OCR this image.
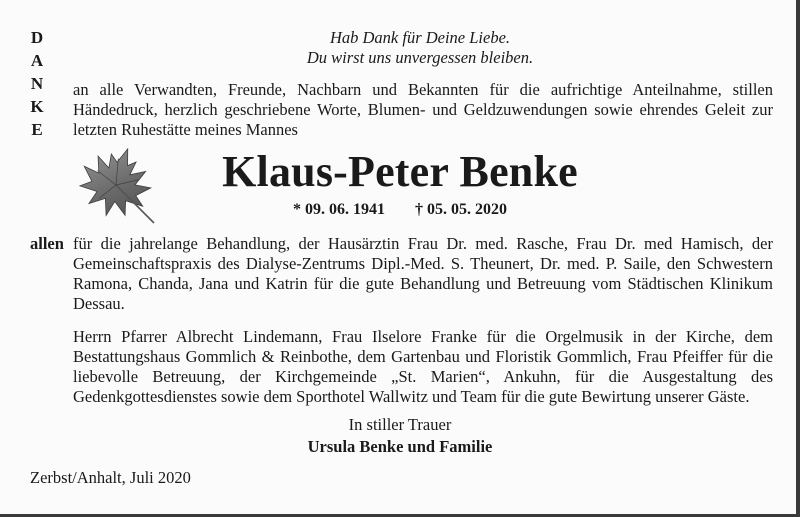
Hab Dank für Deine Liebe.
Du wirst uns unvergessen bleiben.
D
A
N
K
E

an alle Verwandten, Freunde, Nachbarn und Bekannten für die aufrichtige Anteilnahme, stillen Händedruck, herzlich geschriebene Worte, Blumen- und Geldzuwendungen sowie ehrendes Geleit zur letzten Ruhestätte meines Mannes

Klaus-Peter Benke
* 09. 06. 1941 † 05. 05. 2020
allen für die jahrelange Behandlung, der Hausärztin Frau Dr. med. Rasche, Frau Dr. med Hamisch, der Gemeinschaftspraxis des Dialyse-Zentrums Dipl.-Med. S. Theunert, Dr. med. P. Saile, den Schwestern Ramona, Chanda, Jana und Katrin für die gute Behandlung und Betreuung vom Städtischen Klinikum Dessau.

Herrn Pfarrer Albrecht Lindemann, Frau Ilselore Franke für die Orgelmusik in der Kirche, dem Bestattungshaus Gommlich & Reinbothe, dem Gartenbau und Floristik Gommlich, Frau Pfeiffer für die liebevolle Betreuung, der Kirchgemeinde „St. Marien“, Ankuhn, für die Ausgestaltung des Gedenkgottesdienstes sowie dem Sporthotel Wallwitz und Team für die gute Bewirtung unserer Gäste.

In stiller Trauer
Ursula Benke und Familie
Zerbst/Anhalt, Juli 2020
